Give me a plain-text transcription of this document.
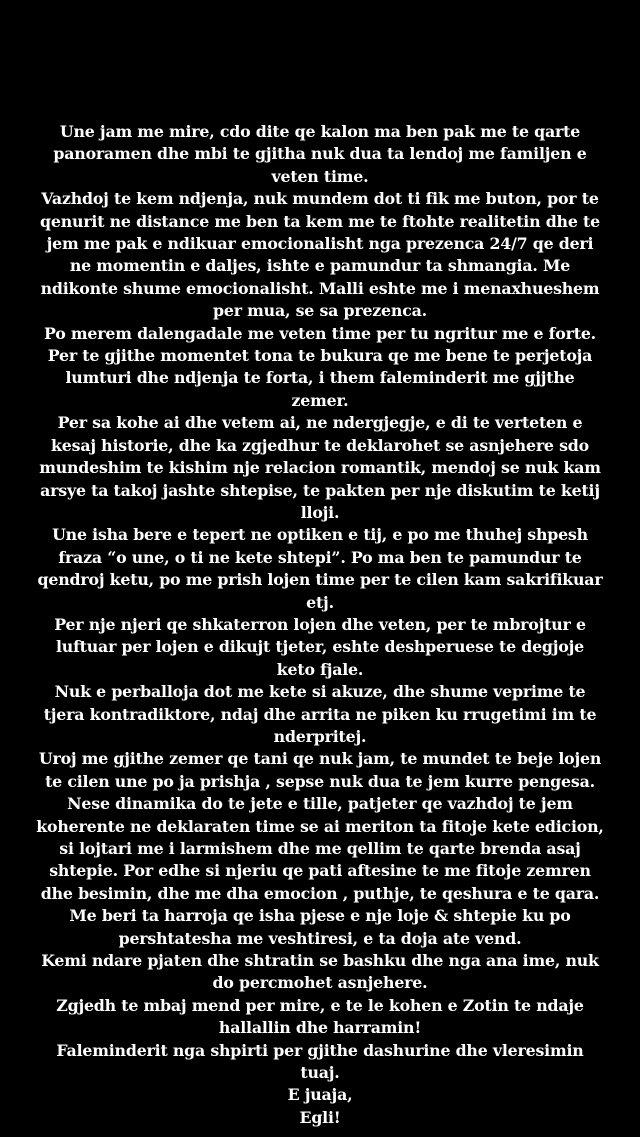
Une jam me mire, cdo dite qe kalon ma ben pak me te qarte panoramen dhe mbi te gjitha nuk dua ta lendoj me familjen e veten time.

Vazhdoj te kem ndjenja, nuk mundem dot ti fik me buton, por te qenurit ne distance me ben ta kem me te ftohte realitetin dhe te jem me pak e ndikuar emocionalisht nga prezenca 24/7 qe deri ne momentin e daljes, ishte e pamundur ta shmangia. Me ndikonte shume emocionalisht. Malli eshte me i menaxhueshem per mua, se sa prezenca.

Po merem dalengadale me veten time per tu ngritur me e forte.

Per te gjithe momentet tona te bukura qe me bene te perjetoja lumturi dhe ndjenja te forta, i them faleminderit me gjjthe zemer.

Per sa kohe ai dhe vetem ai, ne ndergjegje, e di te verteten e kesaj historie, dhe ka zgjedhur te deklarohet se asnjehere sdo mundeshim te kishim nje relacion romantik, mendoj se nuk kam arsye ta takoj jashte shtepise, te pakten per nje diskutim te ketij lloji.

Une isha bere e tepert ne optiken e tij, e po me thuhej shpesh fraza “o une, o ti ne kete shtepi”. Po ma ben te pamundur te qendroj ketu, po me prish lojen time per te cilen kam sakrifikuar etj.

Per nje njeri qe shkaterron lojen dhe veten, per te mbrojtur e luftuar per lojen e dikujt tjeter, eshte deshperuese te degjoje keto fjale.

Nuk e perballoja dot me kete si akuze, dhe shume veprime te tjera kontradiktore, ndaj dhe arrita ne piken ku rrugetimi im te nderpritej.

Uroj me gjithe zemer qe tani qe nuk jam, te mundet te beje lojen te cilen une po ja prishja , sepse nuk dua te jem kurre pengesa.

Nese dinamika do te jete e tille, patjeter qe vazhdoj te jem koherente ne deklaraten time se ai meriton ta fitoje kete edicion, si lojtari me i larmishem dhe me qellim te qarte brenda asaj shtepie. Por edhe si njeriu qe pati aftesine te me fitoje zemren dhe besimin, dhe me dha emocion , puthje, te qeshura e te qara. Me beri ta harroja qe isha pjese e nje loje & shtepie ku po pershtatesha me veshtiresi, e ta doja ate vend.

Kemi ndare pjaten dhe shtratin se bashku dhe nga ana ime, nuk do percmohet asnjehere.

Zgjedh te mbaj mend per mire, e te le kohen e Zotin te ndaje hallallin dhe harramin!

Faleminderit nga shpirti per gjithe dashurine dhe vleresimin tuaj.

E juaja,

Egli!
